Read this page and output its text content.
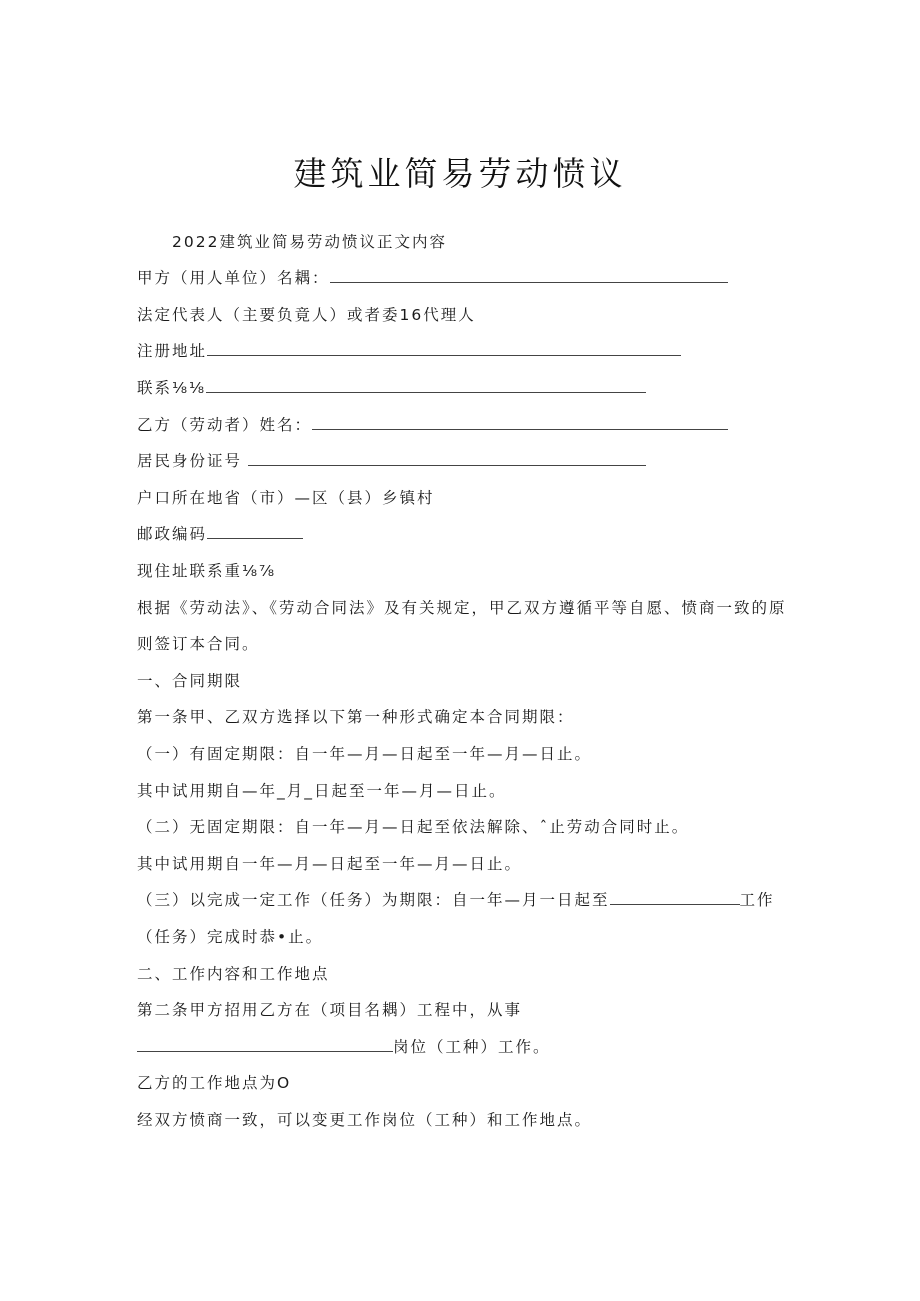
建筑业简易劳动愤议
2022建筑业简易劳动愤议正文内容
甲方（用人单位）名耦：
法定代表人（主要负竟人）或者委16代理人
注册地址
联系⅛⅛
乙方（劳动者）姓名：
居民身份证号
户口所在地省（市）—区（县）乡镇村
邮政编码
现住址联系重⅛⅞
根据《劳动法》、《劳动合同法》及有关规定，甲乙双方遵循平等自愿、愤商一致的原
则签订本合同。
一、合同期限
第一条甲、乙双方选择以下第一种形式确定本合同期限：
（一）有固定期限：自一年—月—日起至一年—月—日止。
其中试用期自—年_月_日起至一年—月—日止。
（二）无固定期限：自一年—月—日起至依法解除、ˆ止劳动合同时止。
其中试用期自一年—月—日起至一年—月—日止。
（三）以完成一定工作（任务）为期限：自一年—月一日起至	工作
（任务）完成时恭•止。
二、工作内容和工作地点
第二条甲方招用乙方在（项目名耦）工程中，从事
岗位（工种）工作。
乙方的工作地点为O
经双方愤商一致，可以变更工作岗位（工种）和工作地点。
